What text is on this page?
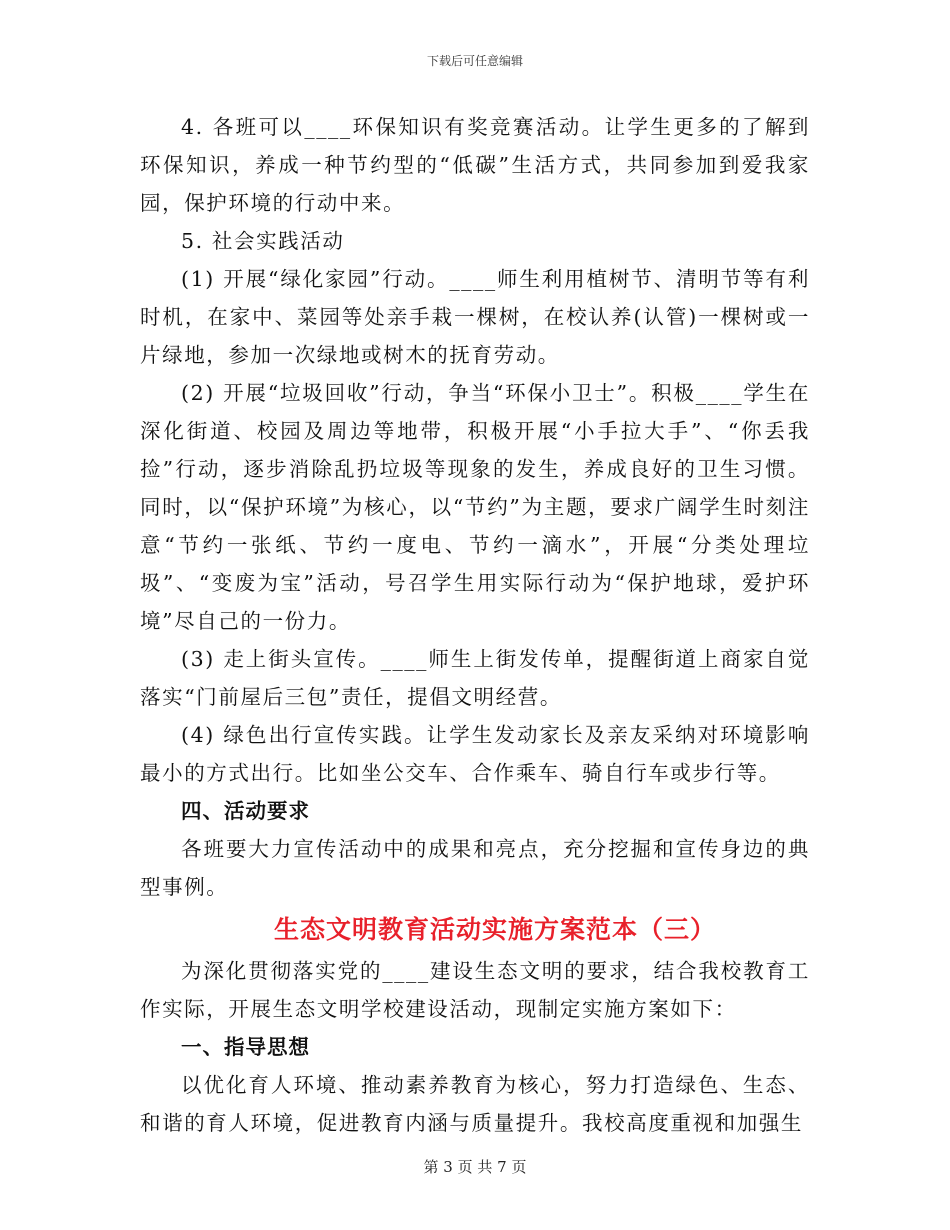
下载后可任意编辑

4. 各班可以____环保知识有奖竞赛活动。让学生更多的了解到环保知识，养成一种节约型的“低碳”生活方式，共同参加到爱我家园，保护环境的行动中来。

5. 社会实践活动

(1) 开展“绿化家园”行动。____师生利用植树节、清明节等有利时机，在家中、菜园等处亲手栽一棵树，在校认养(认管)一棵树或一片绿地，参加一次绿地或树木的抚育劳动。

(2) 开展“垃圾回收”行动，争当“环保小卫士”。积极____学生在深化街道、校园及周边等地带，积极开展“小手拉大手”、“你丢我捡”行动，逐步消除乱扔垃圾等现象的发生，养成良好的卫生习惯。同时，以“保护环境”为核心，以“节约”为主题，要求广阔学生时刻注意“节约一张纸、节约一度电、节约一滴水”，开展“分类处理垃圾”、“变废为宝”活动，号召学生用实际行动为“保护地球，爱护环境”尽自己的一份力。

(3) 走上街头宣传。____师生上街发传单，提醒街道上商家自觉落实“门前屋后三包”责任，提倡文明经营。

(4) 绿色出行宣传实践。让学生发动家长及亲友采纳对环境影响最小的方式出行。比如坐公交车、合作乘车、骑自行车或步行等。

四、活动要求

各班要大力宣传活动中的成果和亮点，充分挖掘和宣传身边的典型事例。

生态文明教育活动实施方案范本（三）

为深化贯彻落实党的____建设生态文明的要求，结合我校教育工作实际，开展生态文明学校建设活动，现制定实施方案如下：

一、指导思想

以优化育人环境、推动素养教育为核心，努力打造绿色、生态、和谐的育人环境，促进教育内涵与质量提升。我校高度重视和加强生

第 3 页 共 7 页
